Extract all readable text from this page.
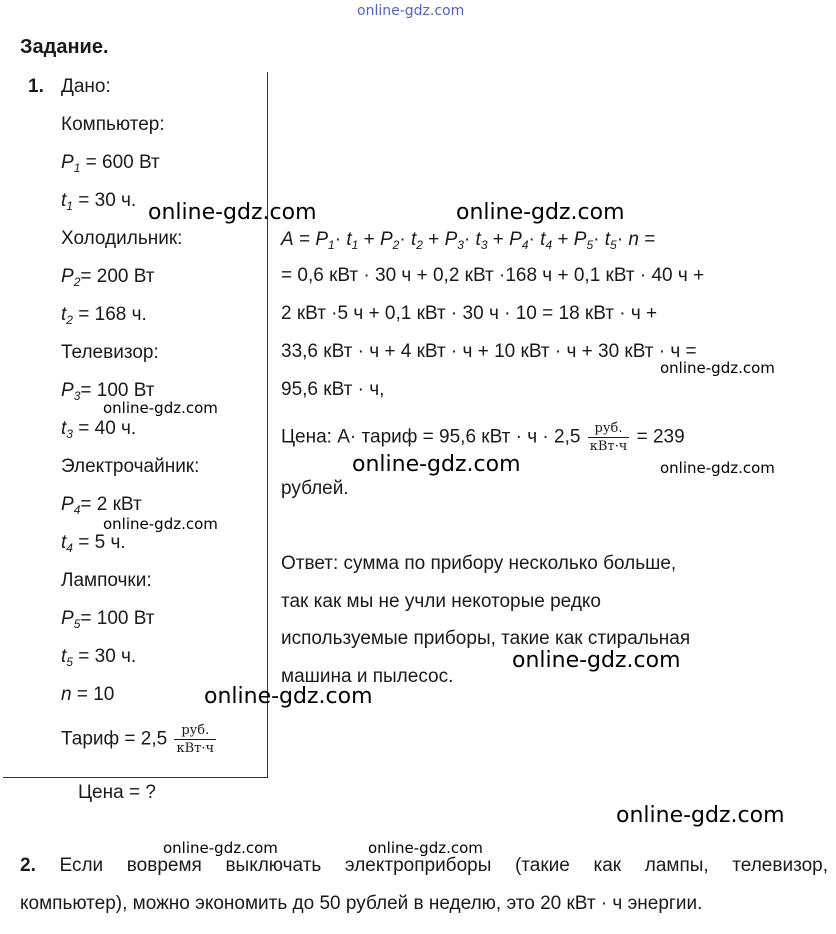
online-gdz.com
Задание.
1. Дано:
Компьютер:
$P_1 = 600$ Вт
$t_1 = 30$ ч.
Холодильник:
$P_2= 200$ Вт
$t_2 = 168$ ч.
Телевизор:
$P_3= 100$ Вт
$t_3 = 40$ ч.
Электрочайник:
$P_4= 2$ кВт
$t_4 = 5$ ч.
Лампочки:
$P_5= 100$ Вт
$t_5 = 30$ ч.
n = 10
Тариф = $2,5 \frac{\text{руб.}}{\text{кВт·ч}}$
Цена = ?
$A = P_1\cdot t_1 + P_2\cdot t_2 + P_3\cdot t_3 + P_4\cdot t_4 + P_5\cdot t_5\cdot n$ =
= 0,6 кВт · 30 ч + 0,2 кВт ·168 ч + 0,1 кВт · 40 ч +
2 кВт ·5 ч + 0,1 кВт · 30 ч · 10 = 18 кВт · ч +
33,6 кВт · ч + 4 кВт · ч + 10 кВт · ч + 30 кВт · ч =
95,6 кВт · ч,
Цена: А· тариф = 95,6 кВт · $ч \cdot 2,5 \frac{\text{руб.}}{\text{кВт·ч}} = 239$
рублей.
Ответ: сумма по прибору несколько больше,
так как мы не учли некоторые редко
используемые приборы, такие как стиральная
машина и пылесос.
2. Если вовремя выключать электроприборы (такие как лампы, телевизор,
компьютер), можно экономить до 50 рублей в неделю, это 20 кВт · ч энергии.
online-gdz.com	online-gdz.com
online-gdz.com
online-gdz.com
online-gdz.com	online-gdz.com
online-gdz.com
online-gdz.com
online-gdz.com
online-gdz.com
online-gdz.com	online-gdz.com
